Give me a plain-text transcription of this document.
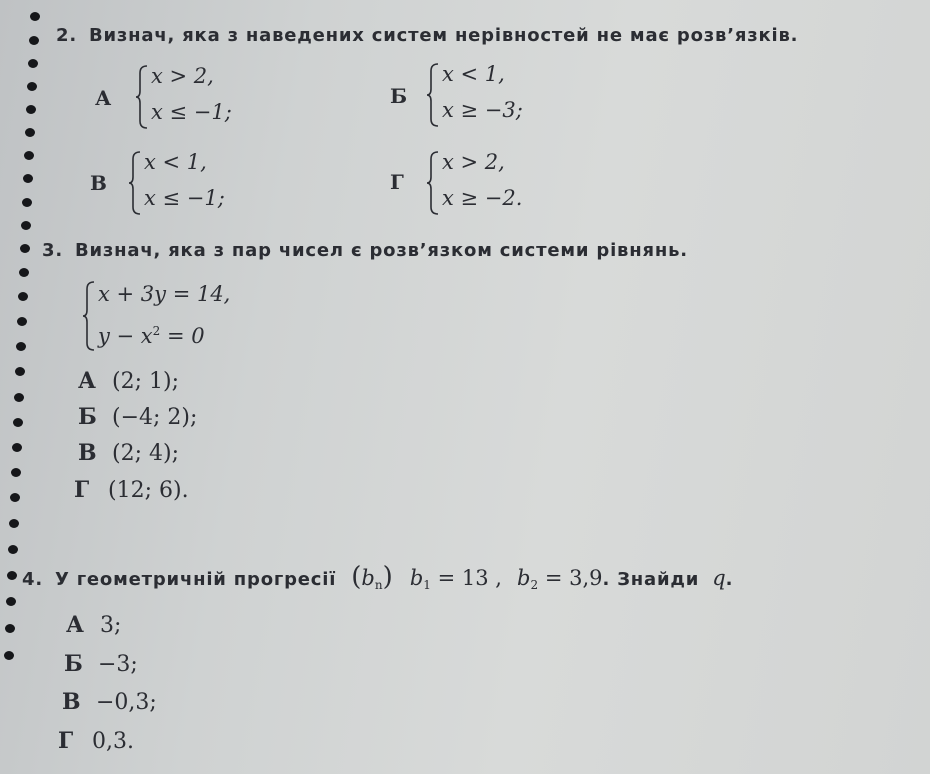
2. Визнач, яка з наведених систем нерівностей не має розв’язків.
А
x > 2,
x ≤ −1;
Б
x < 1,
x ≥ −3;
В
x < 1,
x ≤ −1;
Г
x > 2,
x ≥ −2.
3. Визнач, яка з пар чисел є розв’язком системи рівнянь.
x + 3y = 14,
$y - x^2 = 0$
А (2; 1);
Б (−4; 2);
В (2; 4);
Г (12; 6).
4. У геометричній прогресії $(b_n) b_1 = 13$ , $b_2 = 3,9$. Знайди q.
А 3;
Б −3;
В −0,3;
Г 0,3.
